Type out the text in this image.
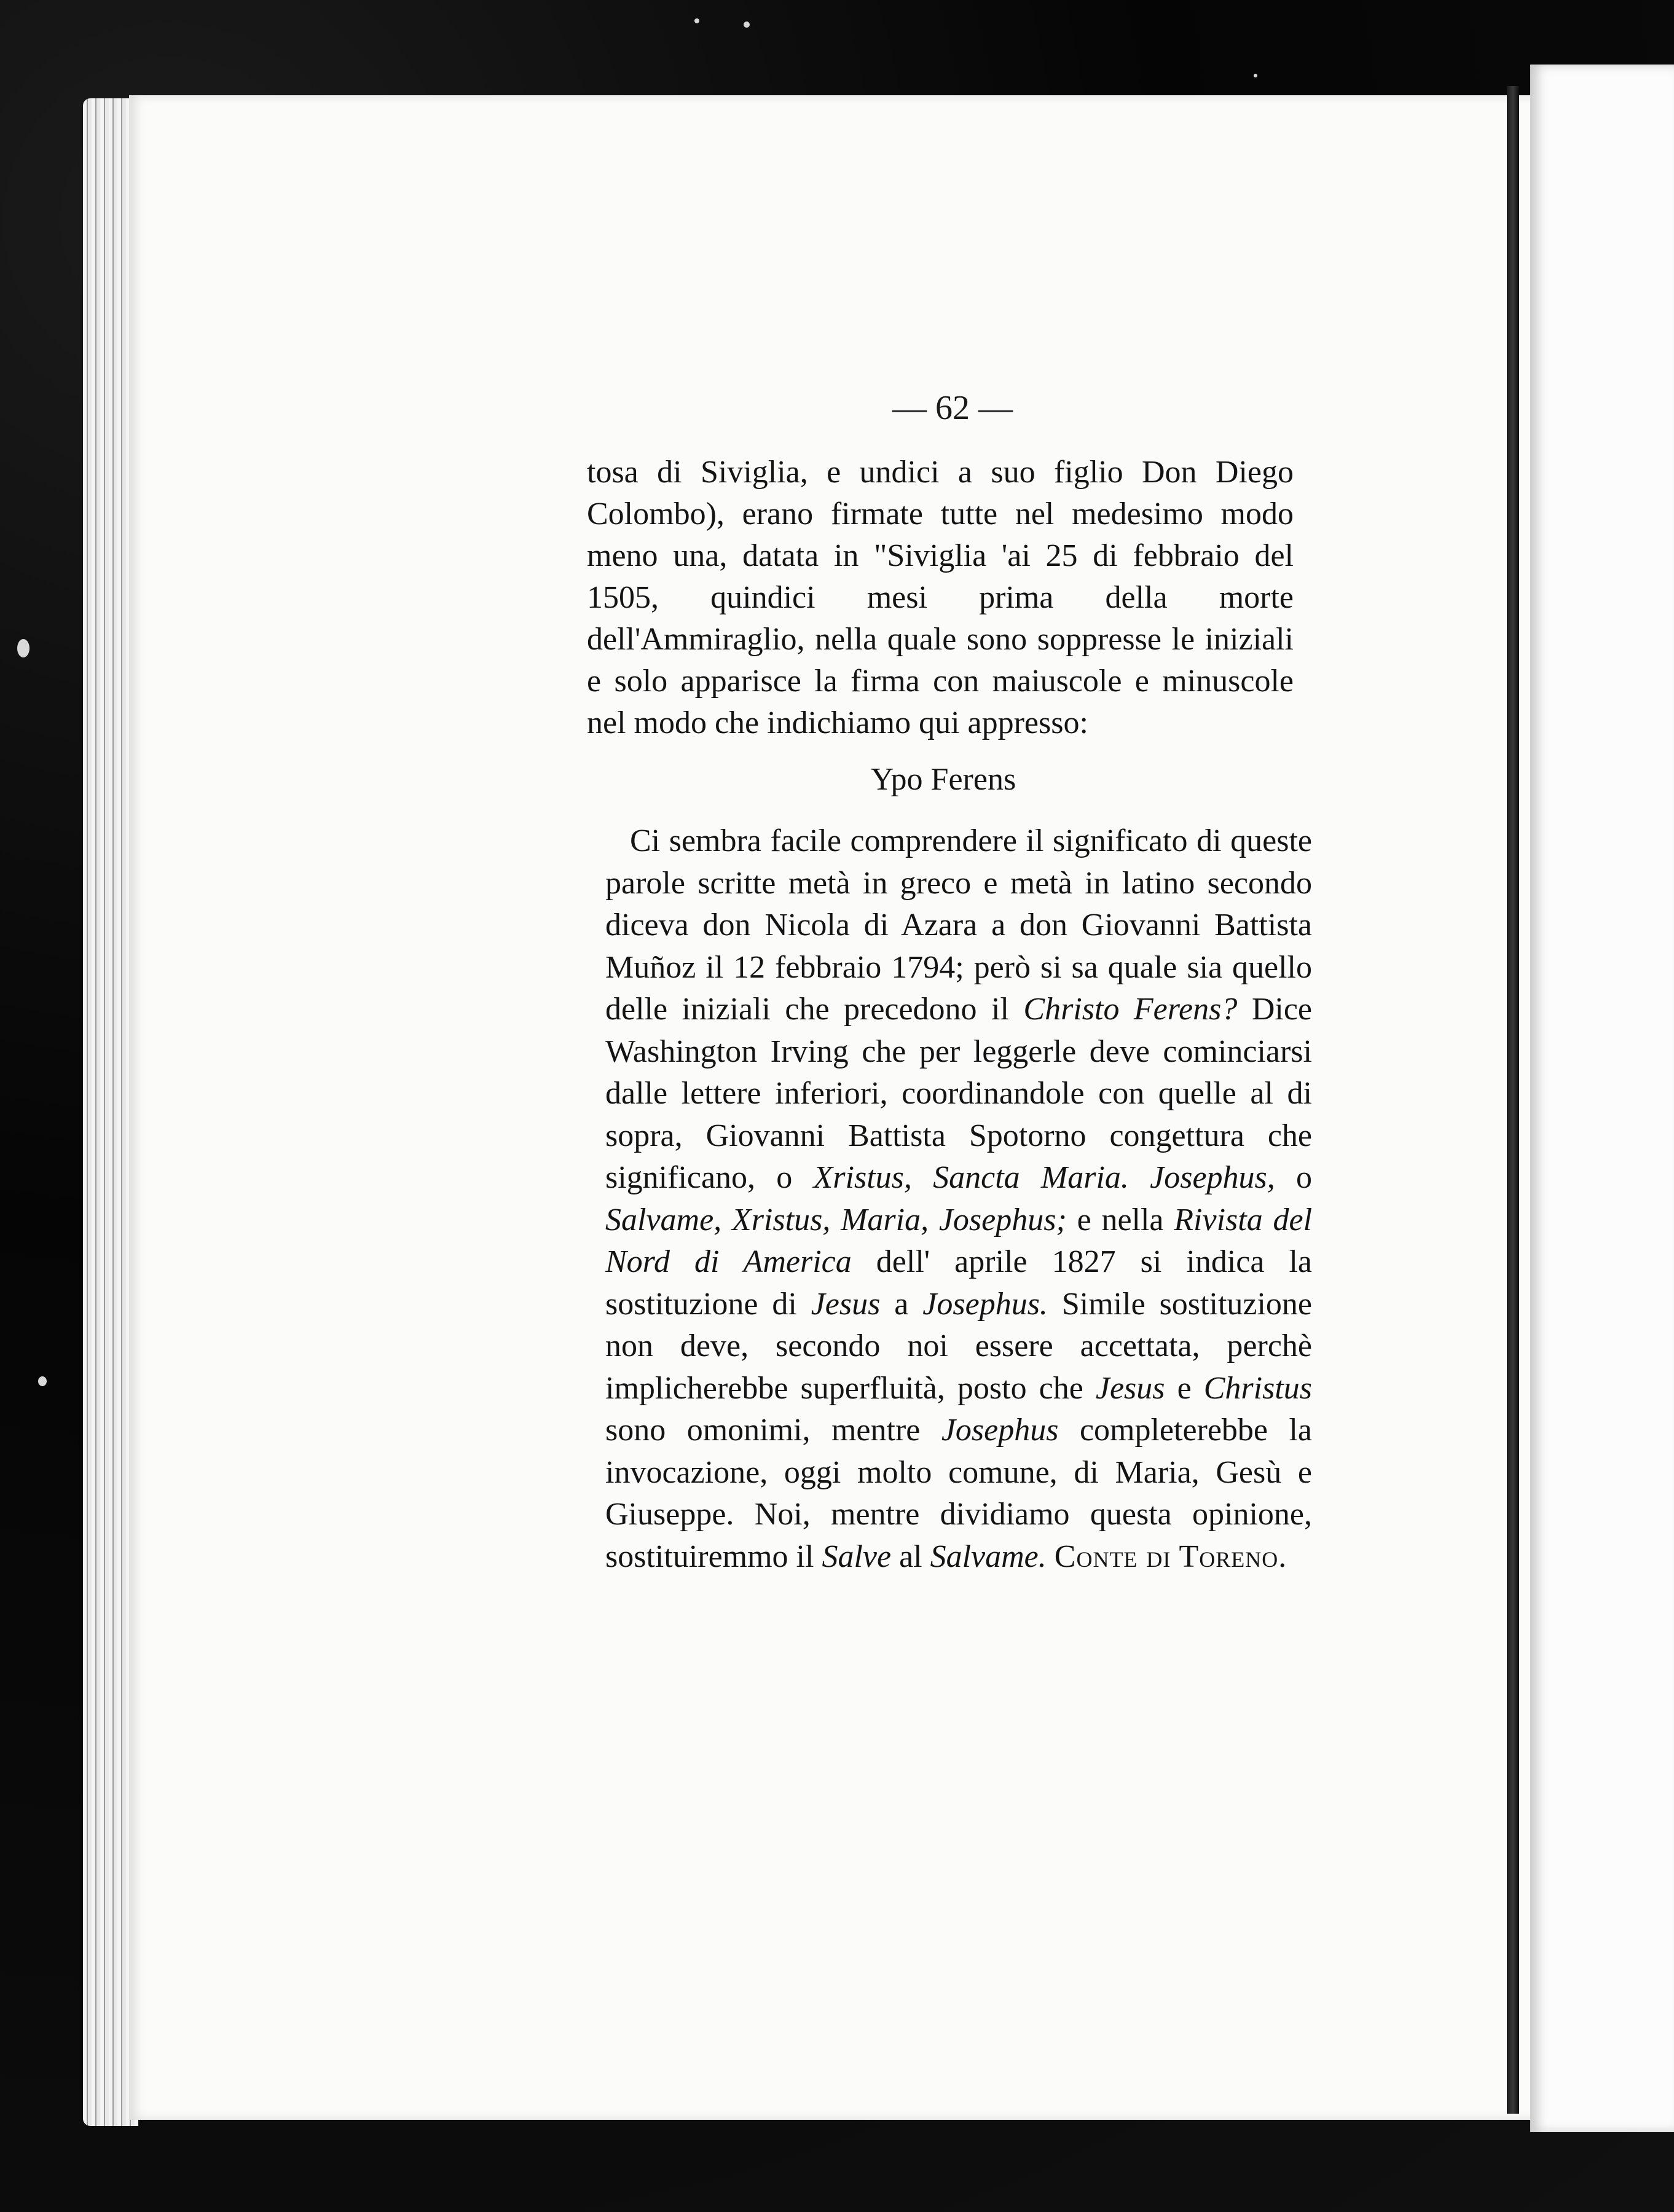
— 62 —
tosa di Siviglia, e undici a suo figlio Don Diego Colombo), erano firmate tutte nel medesimo modo meno una, datata in "Siviglia 'ai 25 di febbraio del 1505, quindici mesi prima della morte dell'Ammiraglio, nella quale sono soppresse le iniziali e solo apparisce la firma con maiuscole e minuscole nel modo che indichiamo qui appresso:
Ypo Ferens
Ci sembra facile comprendere il significato di queste parole scritte metà in greco e metà in latino secondo diceva don Nicola di Azara a don Giovanni Battista Muñoz il 12 febbraio 1794; però si sa quale sia quello delle iniziali che precedono il Christo Ferens? Dice Washington Irving che per leggerle deve cominciarsi dalle lettere inferiori, coordinandole con quelle al di sopra, Giovanni Battista Spotorno congettura che significano, o Xristus, Sancta Maria. Josephus, o Salvame, Xristus, Maria, Josephus; e nella Rivista del Nord di America dell' aprile 1827 si indica la sostituzione di Jesus a Josephus. Simile sostituzione non deve, secondo noi essere accettata, perchè implicherebbe superfluità, posto che Jesus e Christus sono omonimi, mentre Josephus completerebbe la invocazione, oggi molto comune, di Maria, Gesù e Giuseppe. Noi, mentre dividiamo questa opinione, sostituiremmo il Salve al Salvame. Conte di Toreno.
